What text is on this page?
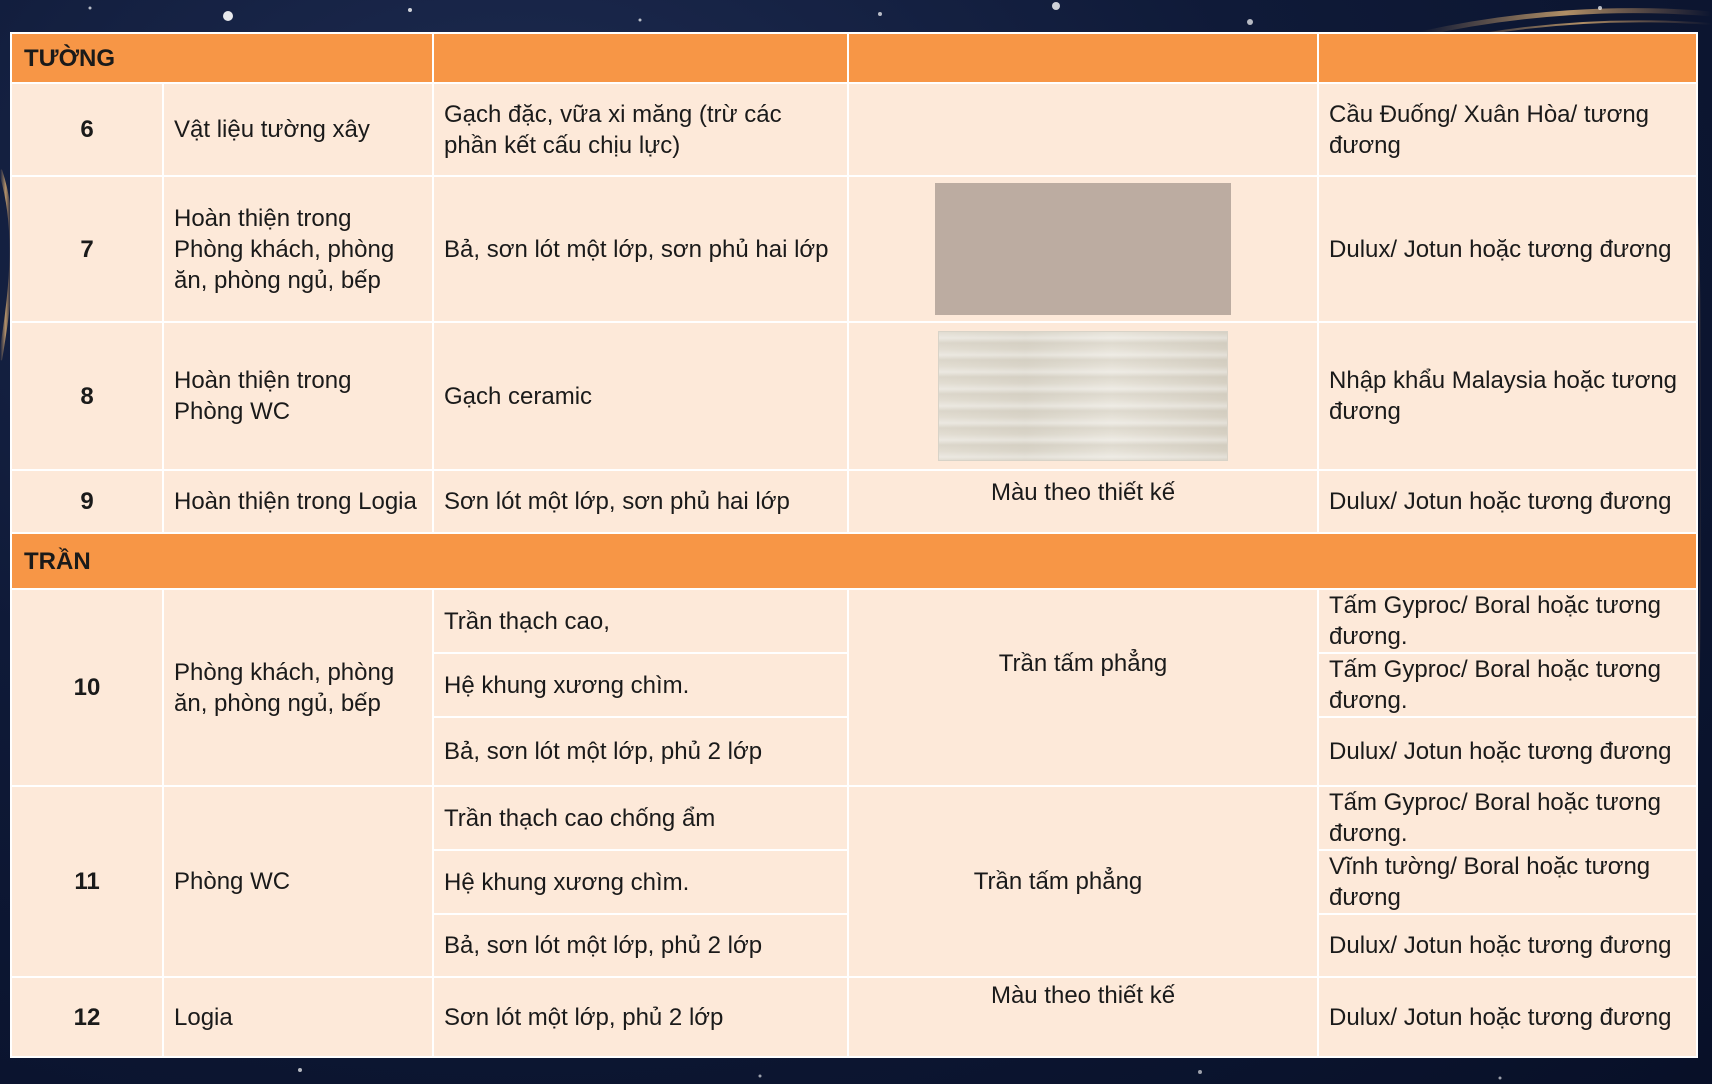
TƯỜNG				
6	Vật liệu tường xây	Gạch đặc, vữa xi măng (trừ các phần kết cấu chịu lực)		Cầu Đuống/ Xuân Hòa/ tương đương
7	Hoàn thiện trong Phòng khách, phòng ăn, phòng ngủ, bếp	Bả, sơn lót một lớp, sơn phủ hai lớp		Dulux/ Jotun hoặc tương đương
8	Hoàn thiện trong Phòng WC	Gạch ceramic		Nhập khẩu Malaysia hoặc tương đương
9	Hoàn thiện trong Logia	Sơn lót một lớp, sơn phủ hai lớp	Màu theo thiết kế	Dulux/ Jotun hoặc tương đương
TRẦN				
10	Phòng khách, phòng ăn, phòng ngủ, bếp	Trần thạch cao,	Trần tấm phẳng	Tấm Gyproc/ Boral hoặc tương đương.
		Hệ khung xương chìm.		Tấm Gyproc/ Boral hoặc tương đương.
		Bả, sơn lót một lớp, phủ 2 lớp		Dulux/ Jotun hoặc tương đương
11	Phòng WC	Trần thạch cao chống ẩm	Trần tấm phẳng	Tấm Gyproc/ Boral hoặc tương đương.
		Hệ khung xương chìm.		Vĩnh tường/ Boral hoặc tương đương
		Bả, sơn lót một lớp, phủ 2 lớp		Dulux/ Jotun hoặc tương đương
12	Logia	Sơn lót một lớp, phủ 2 lớp	Màu theo thiết kế	Dulux/ Jotun hoặc tương đương
